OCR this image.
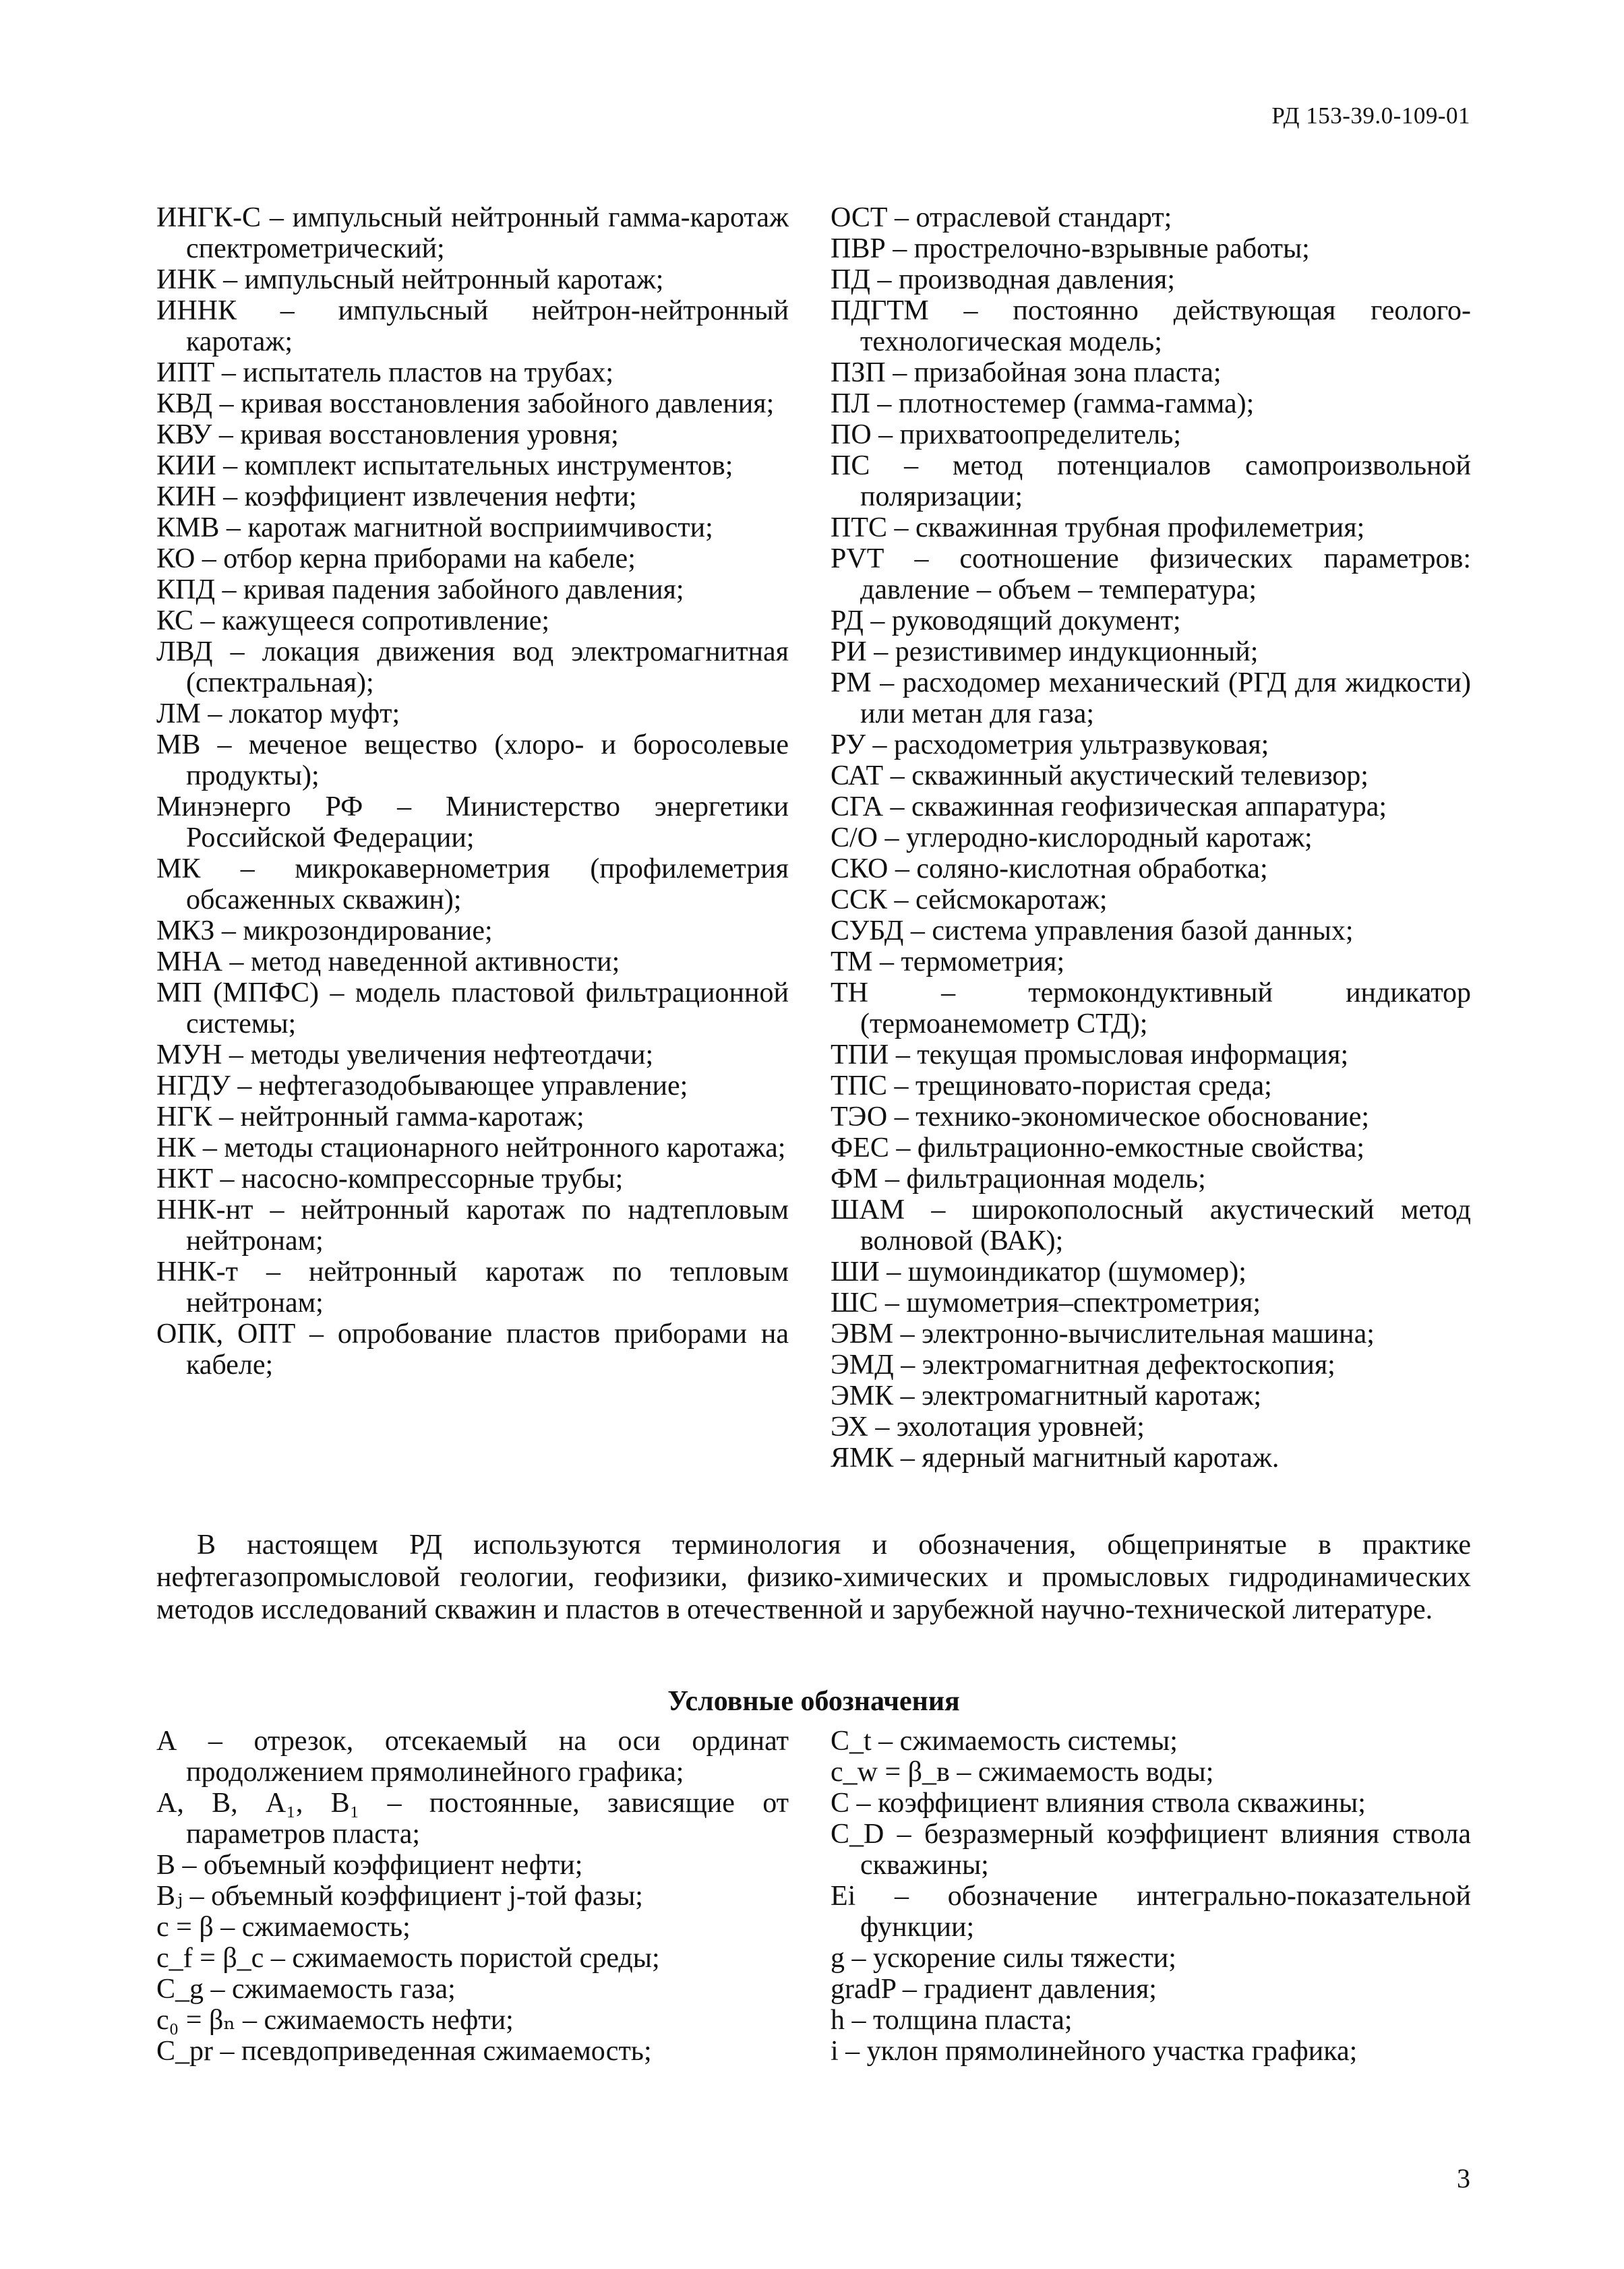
РД 153-39.0-109-01

ИНГК-С – импульсный нейтронный гамма-каротаж спектрометрический;

ИНК – импульсный нейтронный каротаж;

ИННК – импульсный нейтрон-нейтронный каротаж;

ИПТ – испытатель пластов на трубах;

КВД – кривая восстановления забойного давления;

КВУ – кривая восстановления уровня;

КИИ – комплект испытательных инструментов;

КИН – коэффициент извлечения нефти;

КМВ – каротаж магнитной восприимчивости;

КО – отбор керна приборами на кабеле;

КПД – кривая падения забойного давления;

КС – кажущееся сопротивление;

ЛВД – локация движения вод электромагнитная (спектральная);

ЛМ – локатор муфт;

МВ – меченое вещество (хлоро- и боросолевые продукты);

Минэнерго РФ – Министерство энергетики Российской Федерации;

МК – микрокавернометрия (профилеметрия обсаженных скважин);

МКЗ – микрозондирование;

МНА – метод наведенной активности;

МП (МПФС) – модель пластовой фильтрационной системы;

МУН – методы увеличения нефтеотдачи;

НГДУ – нефтегазодобывающее управление;

НГК – нейтронный гамма-каротаж;

НК – методы стационарного нейтронного каротажа;

НКТ – насосно-компрессорные трубы;

ННК-нт – нейтронный каротаж по надтепловым нейтронам;

ННК-т – нейтронный каротаж по тепловым нейтронам;

ОПК, ОПТ – опробование пластов приборами на кабеле;

ОСТ – отраслевой стандарт;

ПВР – прострелочно-взрывные работы;

ПД – производная давления;

ПДГТМ – постоянно действующая геолого-технологическая модель;

ПЗП – призабойная зона пласта;

ПЛ – плотностемер (гамма-гамма);

ПО – прихватоопределитель;

ПС – метод потенциалов самопроизвольной поляризации;

ПТС – скважинная трубная профилеметрия;

PVT – соотношение физических параметров: давление – объем – температура;

РД – руководящий документ;

РИ – резистивимер индукционный;

РМ – расходомер механический (РГД для жидкости) или метан для газа;

РУ – расходометрия ультразвуковая;

САТ – скважинный акустический телевизор;

СГА – скважинная геофизическая аппаратура;

С/О – углеродно-кислородный каротаж;

СКО – соляно-кислотная обработка;

ССК – сейсмокаротаж;

СУБД – система управления базой данных;

ТМ – термометрия;

ТН – термокондуктивный индикатор (термоанемометр СТД);

ТПИ – текущая промысловая информация;

ТПС – трещиновато-пористая среда;

ТЭО – технико-экономическое обоснование;

ФЕС – фильтрационно-емкостные свойства;

ФМ – фильтрационная модель;

ШАМ – широкополосный акустический метод волновой (ВАК);

ШИ – шумоиндикатор (шумомер);

ШС – шумометрия–спектрометрия;

ЭВМ – электронно-вычислительная машина;

ЭМД – электромагнитная дефектоскопия;

ЭМК – электромагнитный каротаж;

ЭХ – эхолотация уровней;

ЯМК – ядерный магнитный каротаж.

В настоящем РД используются терминология и обозначения, общепринятые в практике нефтегазопромысловой геологии, геофизики, физико-химических и промысловых гидродинамических методов исследований скважин и пластов в отечественной и зарубежной научно-технической литературе.

Условные обозначения

А – отрезок, отсекаемый на оси ординат продолжением прямолинейного графика;

А, В, А₁, В₁ – постоянные, зависящие от параметров пласта;

В – объемный коэффициент нефти;

Вⱼ – объемный коэффициент j-той фазы;

с = β – сжимаемость;

c_f = β_c – сжимаемость пористой среды;

C_g – сжимаемость газа;

c₀ = βₙ – сжимаемость нефти;

C_pr – псевдоприведенная сжимаемость;

C_t – сжимаемость системы;

c_w = β_в – сжимаемость воды;

C – коэффициент влияния ствола скважины;

C_D – безразмерный коэффициент влияния ствола скважины;

Ei – обозначение интегрально-показательной функции;

g – ускорение силы тяжести;

gradP – градиент давления;

h – толщина пласта;

i – уклон прямолинейного участка графика;

3
